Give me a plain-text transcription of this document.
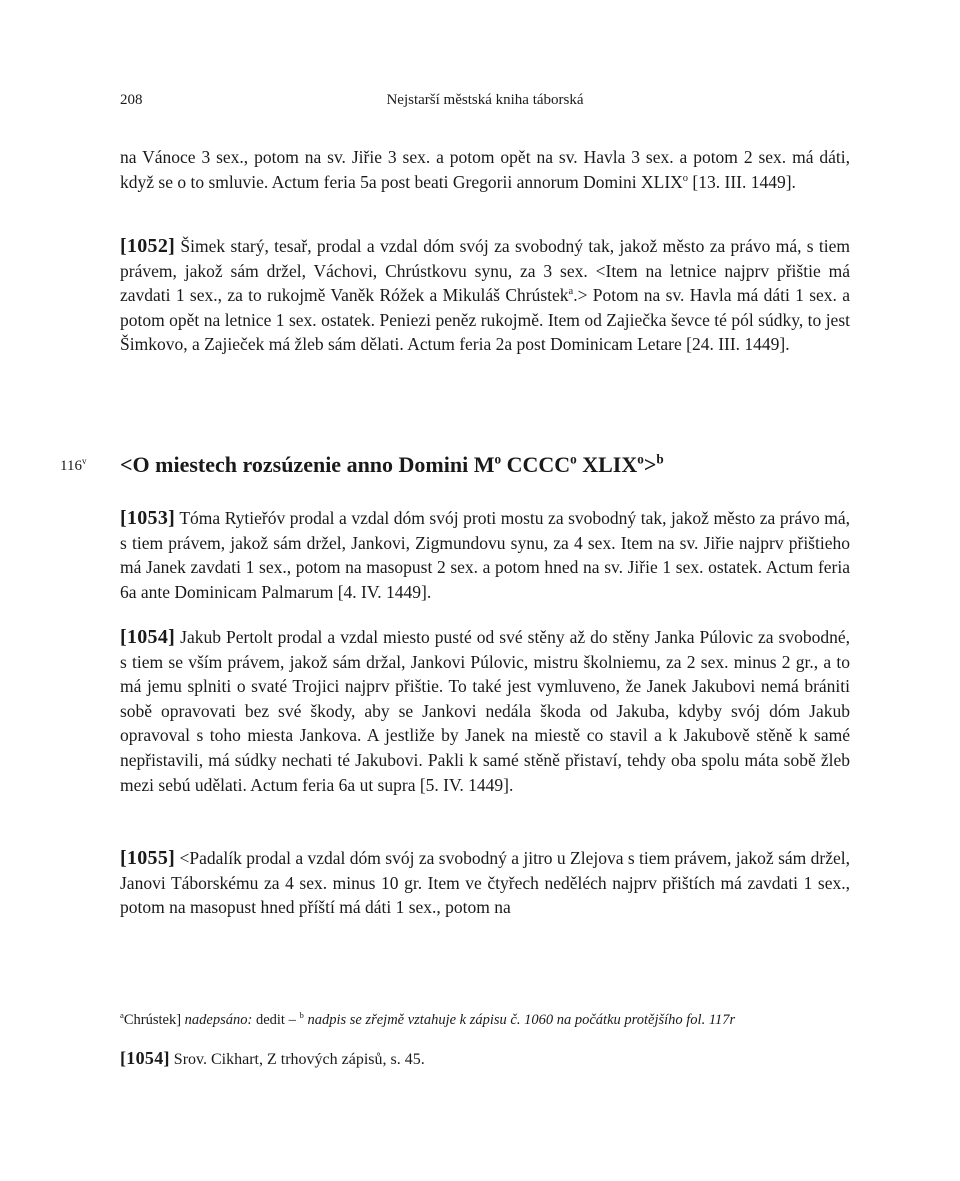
208	Nejstarší městská kniha táborská

na Vánoce 3 sex., potom na sv. Jiřie 3 sex. a potom opět na sv. Havla 3 sex. a potom 2 sex. má dáti, když se o to smluvie. Actum feria 5a post beati Gregorii annorum Domini XLIX$^o$ [13. III. 1449].

[1052] Šimek starý, tesař, prodal a vzdal dóm svój za svobodný tak, jakož město za právo má, s tiem právem, jakož sám držel, Váchovi, Chrústkovu synu, za 3 sex. <Item na letnice najprv přištie má zavdati 1 sex., za to rukojmě Vaněk Róžek a Mikuláš Chrústek$^a$.> Potom na sv. Havla má dáti 1 sex. a potom opět na letnice 1 sex. ostatek. Peniezi peněz rukojmě. Item od Zajiečka ševce té pól súdky, to jest Šimkovo, a Zajieček má žleb sám dělati. Actum feria 2a post Dominicam Letare [24. III. 1449].

$116^v <O$ miestech rozsúzenie anno Domini $M^o$ CCCC$^o$ $XLIX^o>^b$

[1053] Tóma Rytieřóv prodal a vzdal dóm svój proti mostu za svobodný tak, jakož město za právo má, s tiem právem, jakož sám držel, Jankovi, Zigmundovu synu, za 4 sex. Item na sv. Jiřie najprv přištieho má Janek zavdati 1 sex., potom na masopust 2 sex. a potom hned na sv. Jiřie 1 sex. ostatek. Actum feria 6a ante Dominicam Palmarum [4. IV. 1449].

[1054] Jakub Pertolt prodal a vzdal miesto pusté od své stěny až do stěny Janka Púlovic za svobodné, s tiem se vším právem, jakož sám držal, Jankovi Púlovic, mistru školniemu, za 2 sex. minus 2 gr., a to má jemu splniti o svaté Trojici najprv přištie. To také jest vymluveno, že Janek Jakubovi nemá brániti sobě opravovati bez své škody, aby se Jankovi nedála škoda od Jakuba, kdyby svój dóm Jakub opravoval s toho miesta Jankova. A jestliže by Janek na miestě co stavil a k Jakubově stěně k samé nepřistavili, má súdky nechati té Jakubovi. Pakli k samé stěně přistaví, tehdy oba spolu máta sobě žleb mezi sebú udělati. Actum feria 6a ut supra [5. IV. 1449].

[1055] <Padalík prodal a vzdal dóm svój za svobodný a jitro u Zlejova s tiem právem, jakož sám držel, Janovi Táborskému za 4 sex. minus 10 gr. Item ve čtyřech neděléch najprv přištích má zavdati 1 sex., potom na masopust hned příští má dáti 1 sex., potom na

$^a$Chrústek] nadepsáno: dedit – $^b$ nadpis se zřejmě vztahuje k zápisu č. 1060 na počátku protějšího fol. 117r
[1054] Srov. Cikhart, Z trhových zápisů, s. 45.
